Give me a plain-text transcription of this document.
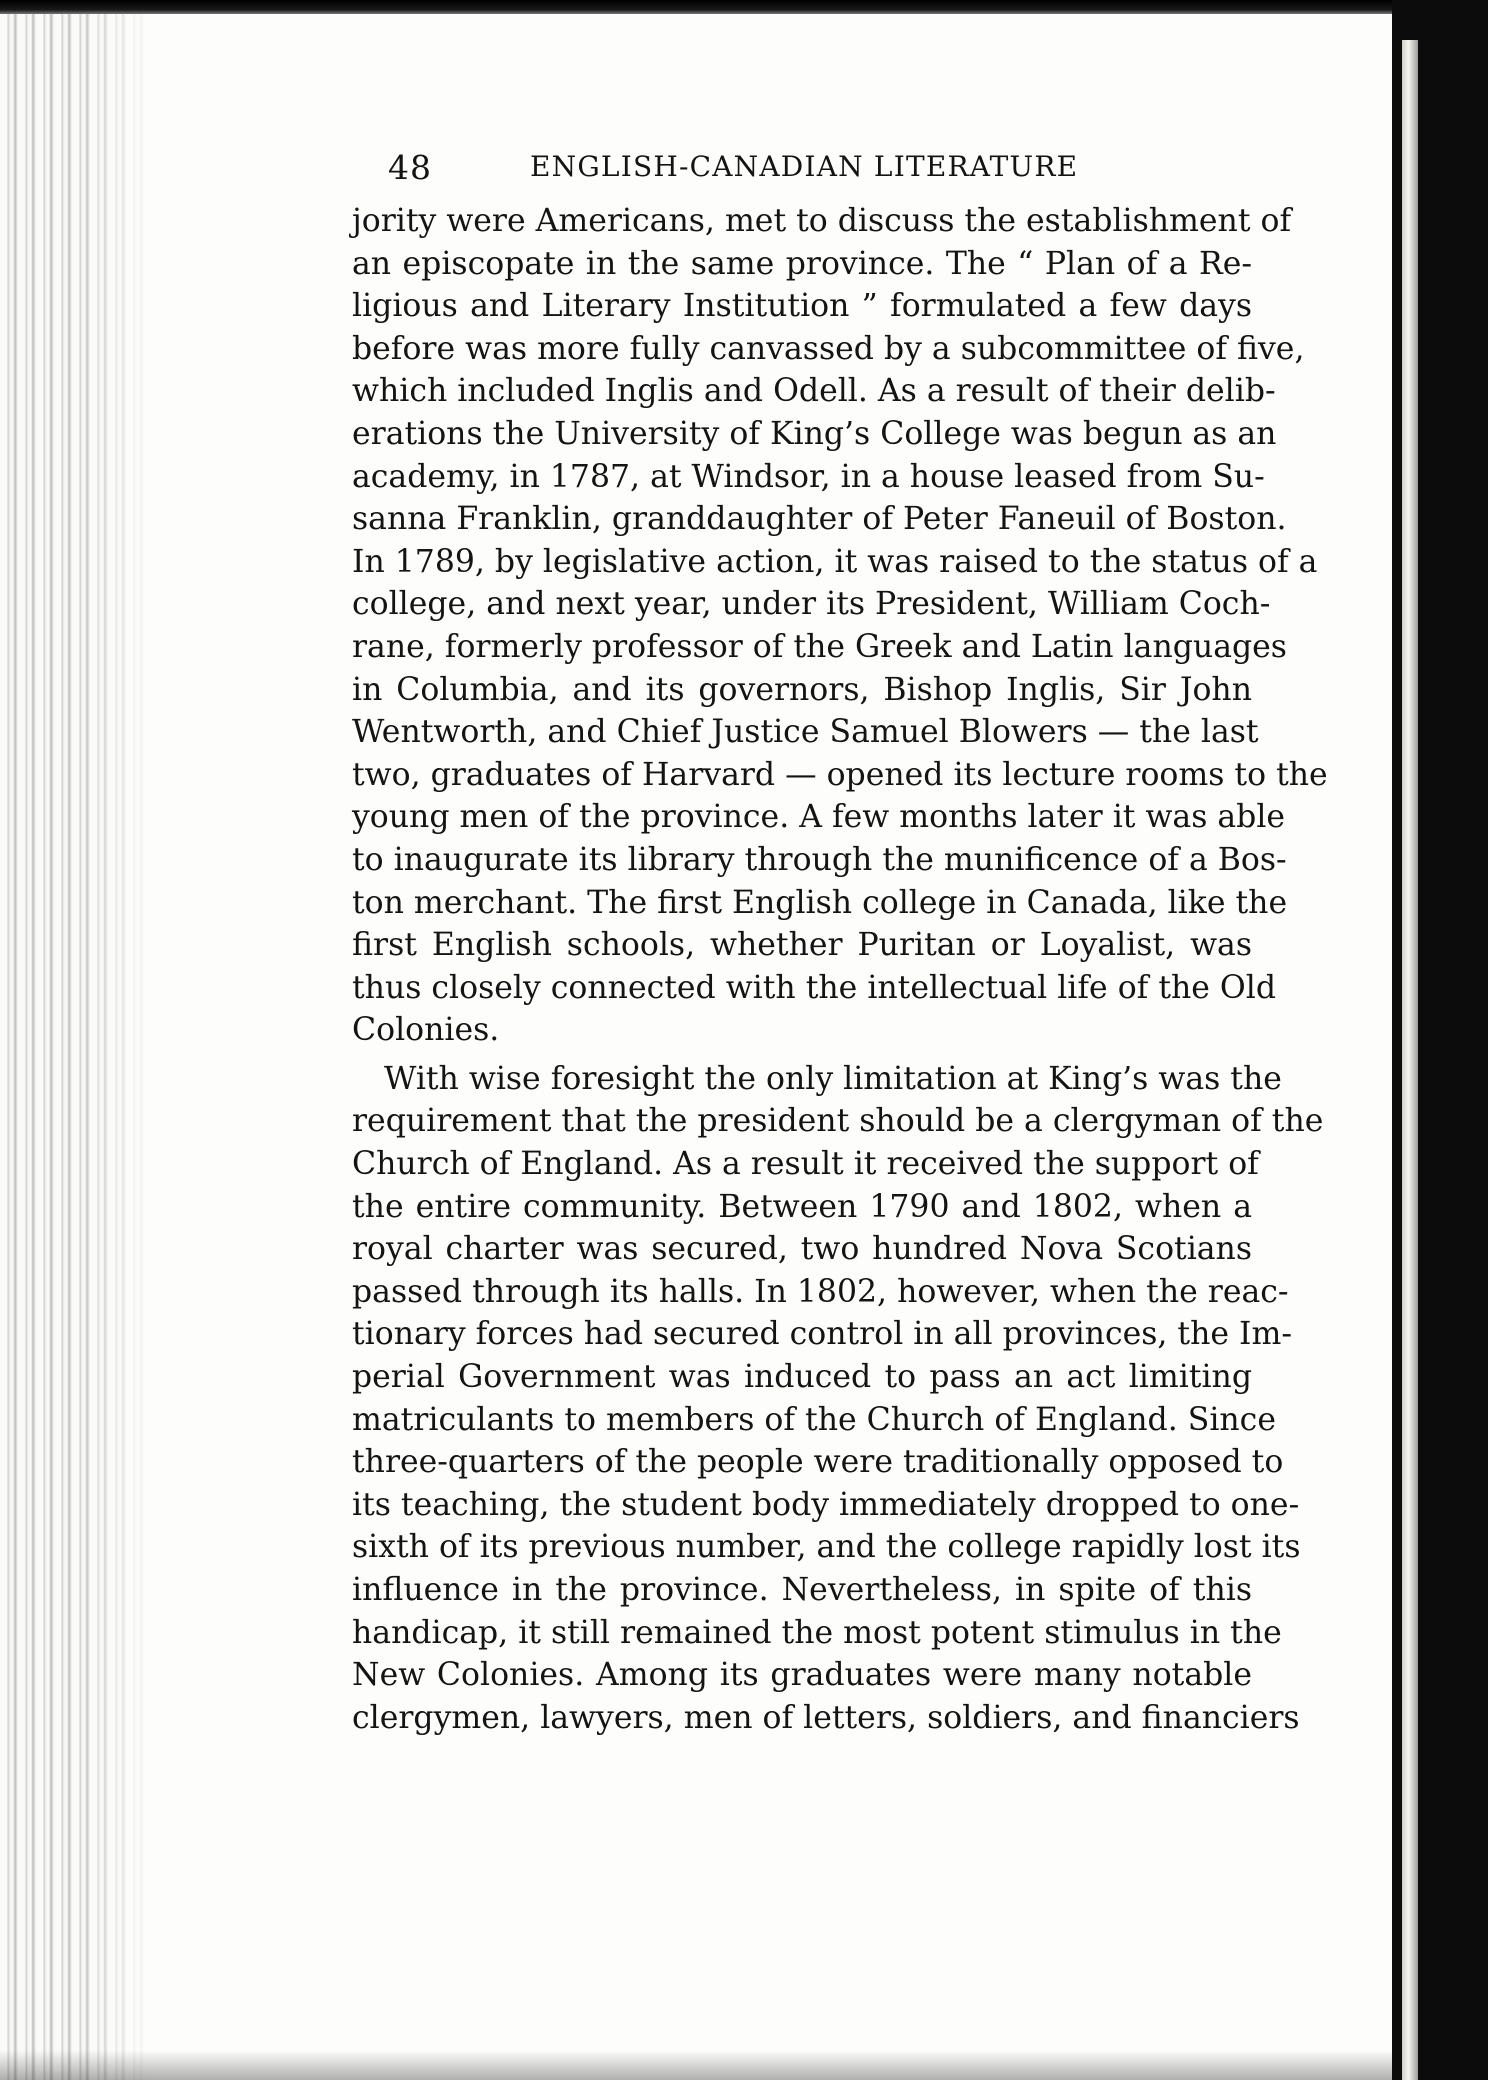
48	ENGLISH-CANADIAN LITERATURE

jority were Americans, met to discuss the establishment of
an episcopate in the same province. The “ Plan of a Re-
ligious and Literary Institution ” formulated a few days
before was more fully canvassed by a subcommittee of five,
which included Inglis and Odell. As a result of their delib-
erations the University of King’s College was begun as an
academy, in 1787, at Windsor, in a house leased from Su-
sanna Franklin, granddaughter of Peter Faneuil of Boston.
In 1789, by legislative action, it was raised to the status of a
college, and next year, under its President, William Coch-
rane, formerly professor of the Greek and Latin languages
in Columbia, and its governors, Bishop Inglis, Sir John
Wentworth, and Chief Justice Samuel Blowers — the last
two, graduates of Harvard — opened its lecture rooms to the
young men of the province. A few months later it was able
to inaugurate its library through the munificence of a Bos-
ton merchant. The first English college in Canada, like the
first English schools, whether Puritan or Loyalist, was
thus closely connected with the intellectual life of the Old
Colonies.

With wise foresight the only limitation at King’s was the
requirement that the president should be a clergyman of the
Church of England. As a result it received the support of
the entire community. Between 1790 and 1802, when a
royal charter was secured, two hundred Nova Scotians
passed through its halls. In 1802, however, when the reac-
tionary forces had secured control in all provinces, the Im-
perial Government was induced to pass an act limiting
matriculants to members of the Church of England. Since
three-quarters of the people were traditionally opposed to
its teaching, the student body immediately dropped to one-
sixth of its previous number, and the college rapidly lost its
influence in the province. Nevertheless, in spite of this
handicap, it still remained the most potent stimulus in the
New Colonies. Among its graduates were many notable
clergymen, lawyers, men of letters, soldiers, and financiers
